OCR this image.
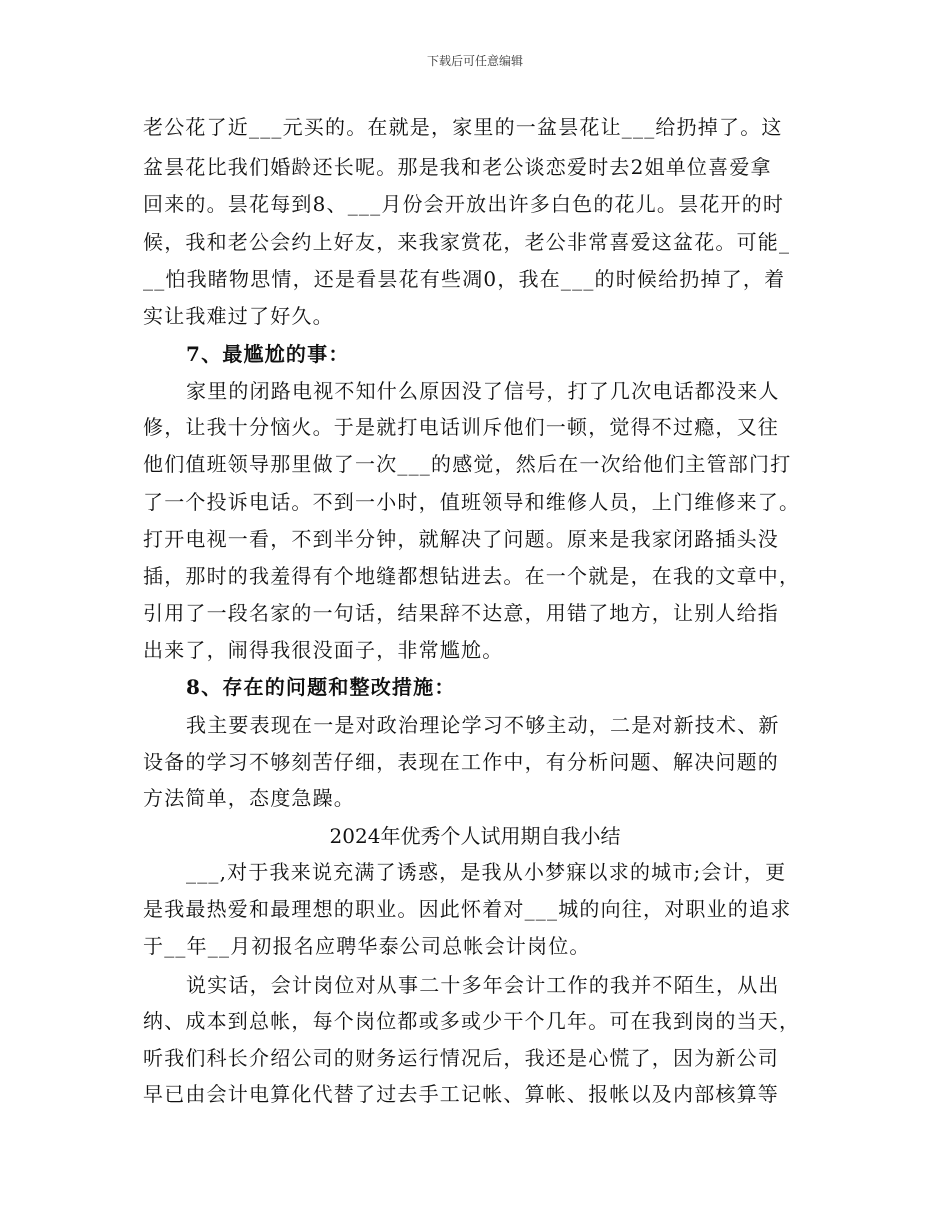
下载后可任意编辑
老公花了近___元买的。在就是，家里的一盆昙花让___给扔掉了。这
盆昙花比我们婚龄还长呢。那是我和老公谈恋爱时去2姐单位喜爱拿
回来的。昙花每到8、___月份会开放出许多白色的花儿。昙花开的时
候，我和老公会约上好友，来我家赏花，老公非常喜爱这盆花。可能_
__怕我睹物思情，还是看昙花有些凋0，我在___的时候给扔掉了，着
实让我难过了好久。
7、最尴尬的事：
家里的闭路电视不知什么原因没了信号，打了几次电话都没来人
修，让我十分恼火。于是就打电话训斥他们一顿，觉得不过瘾，又往
他们值班领导那里做了一次___的感觉，然后在一次给他们主管部门打
了一个投诉电话。不到一小时，值班领导和维修人员，上门维修来了。
打开电视一看，不到半分钟，就解决了问题。原来是我家闭路插头没
插，那时的我羞得有个地缝都想钻进去。在一个就是，在我的文章中，
引用了一段名家的一句话，结果辞不达意，用错了地方，让别人给指
出来了，闹得我很没面子，非常尴尬。
8、存在的问题和整改措施：
我主要表现在一是对政治理论学习不够主动，二是对新技术、新
设备的学习不够刻苦仔细，表现在工作中，有分析问题、解决问题的
方法简单，态度急躁。
2024年优秀个人试用期自我小结
___,对于我来说充满了诱惑，是我从小梦寐以求的城市;会计，更
是我最热爱和最理想的职业。因此怀着对___城的向往，对职业的追求
于__年__月初报名应聘华泰公司总帐会计岗位。
说实话，会计岗位对从事二十多年会计工作的我并不陌生，从出
纳、成本到总帐，每个岗位都或多或少干个几年。可在我到岗的当天，
听我们科长介绍公司的财务运行情况后，我还是心慌了，因为新公司
早已由会计电算化代替了过去手工记帐、算帐、报帐以及内部核算等
